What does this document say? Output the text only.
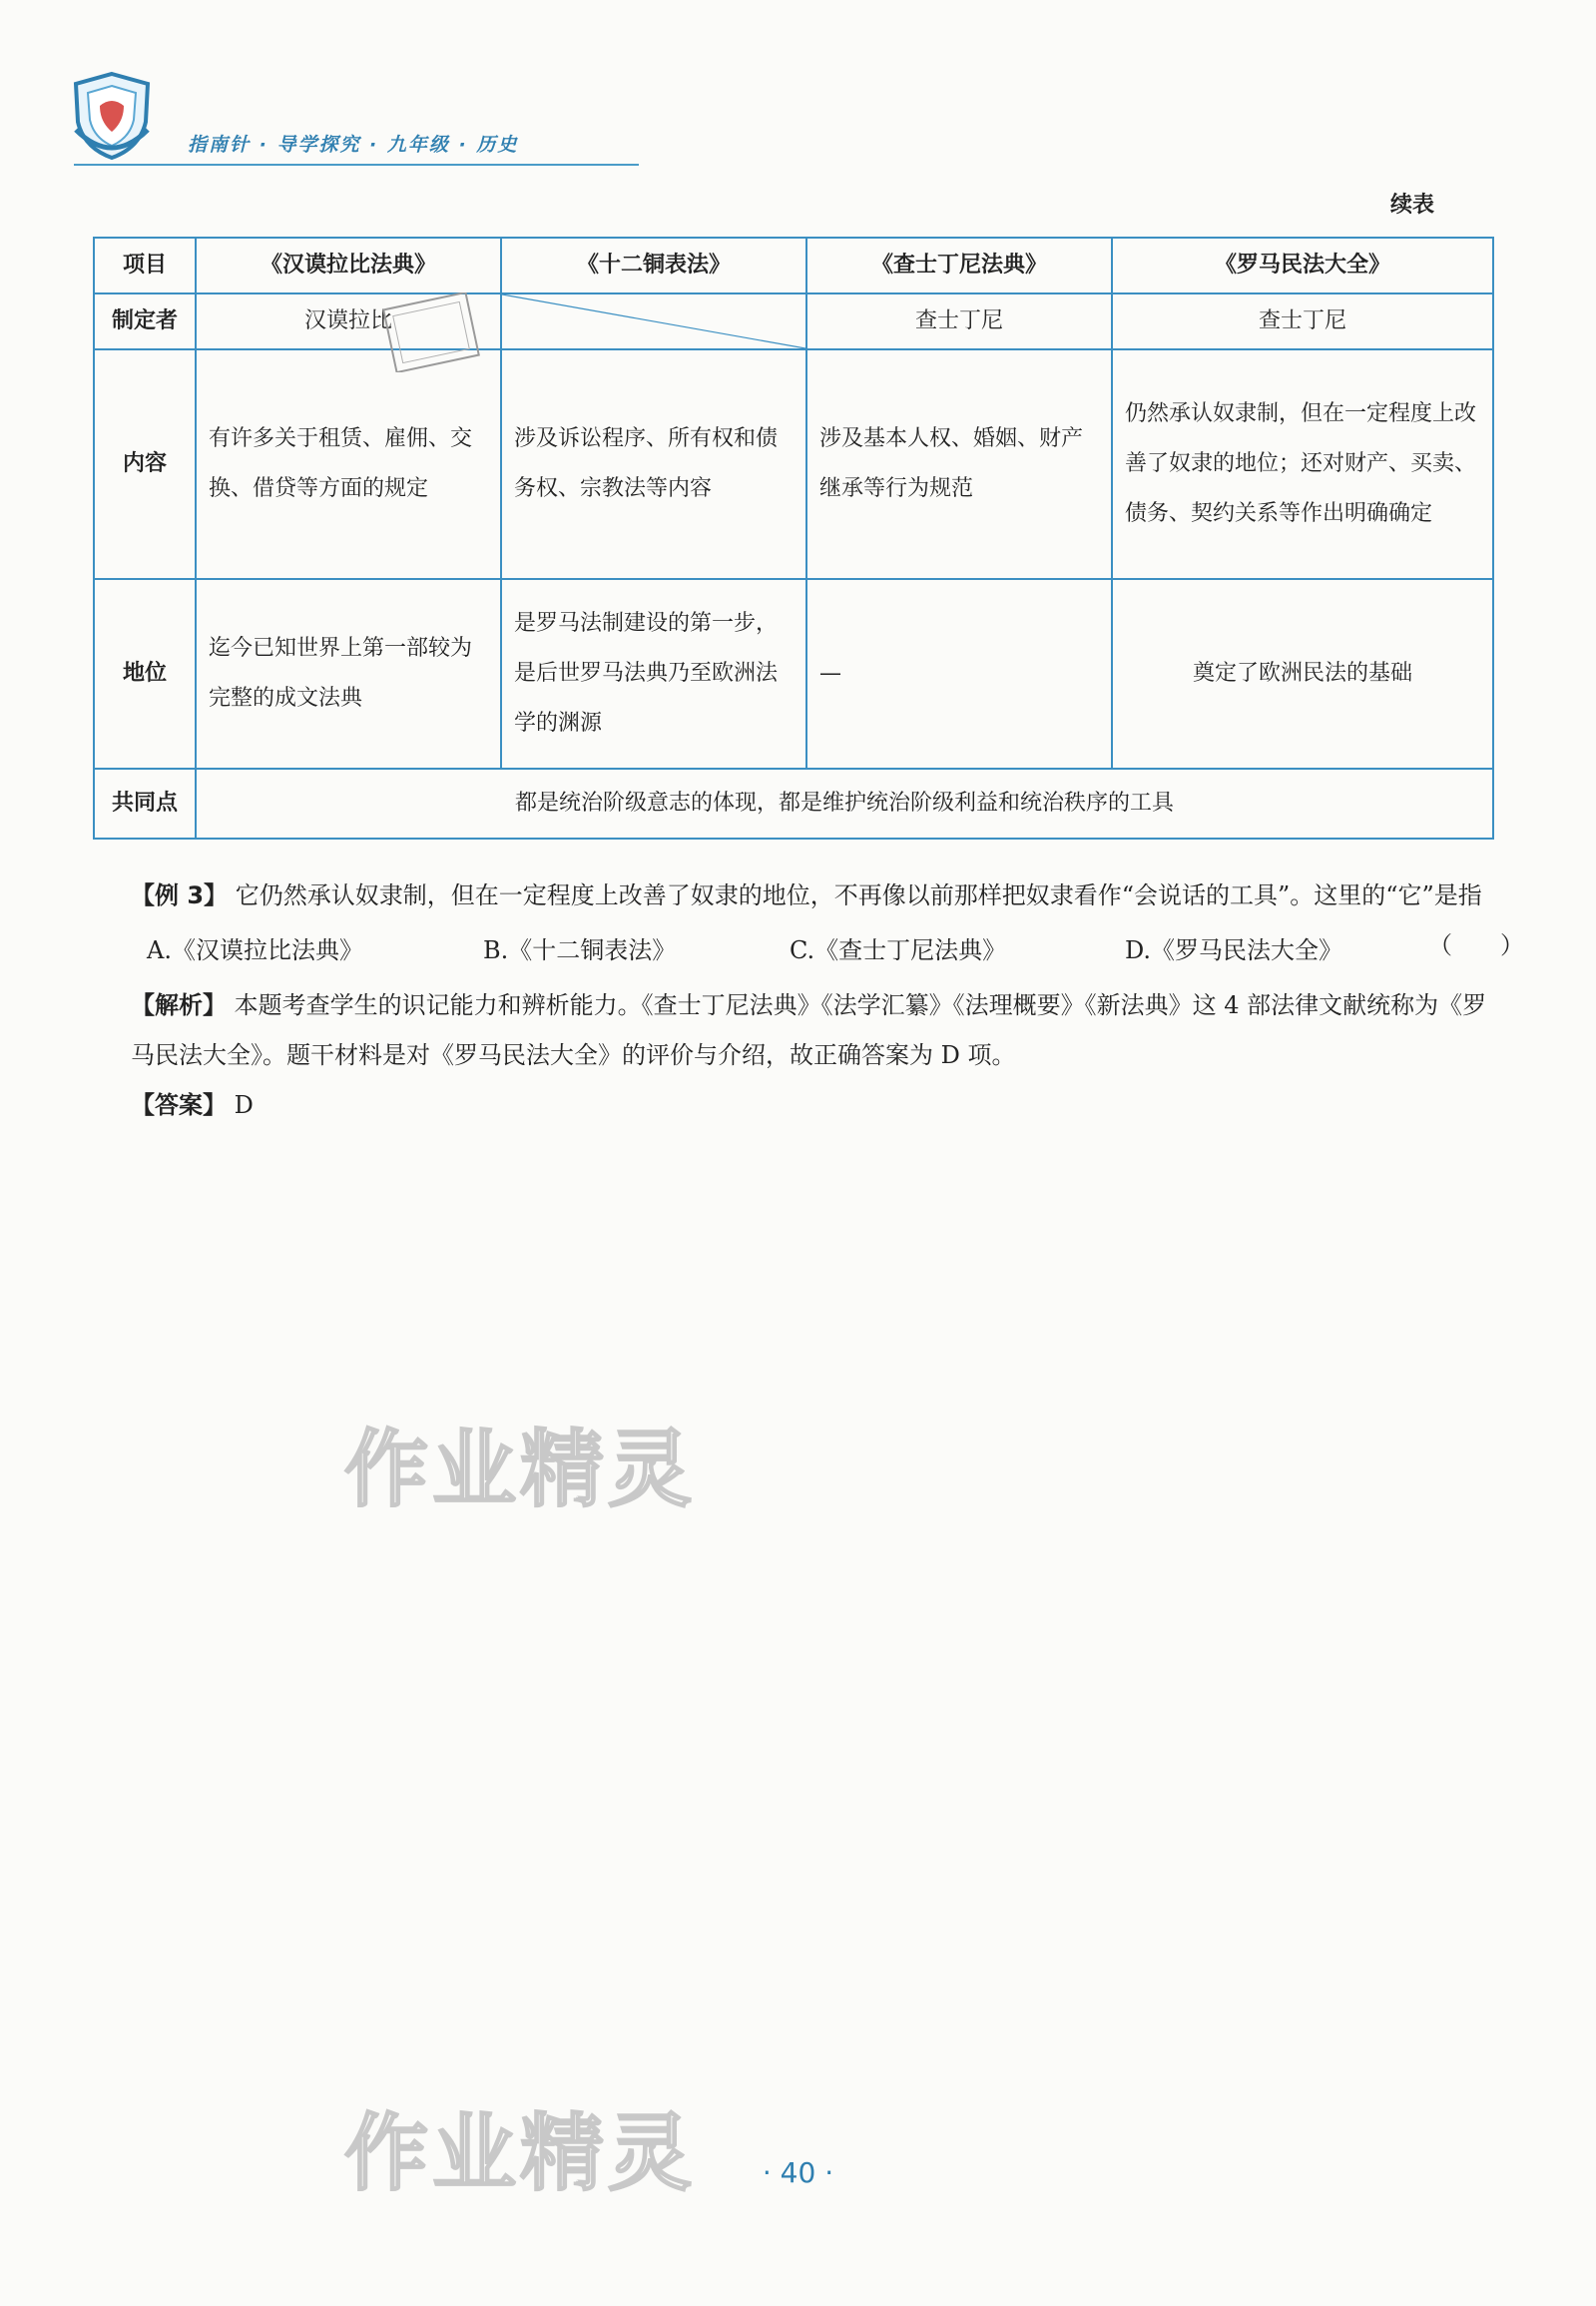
指南针 · 导学探究 · 九年级 · 历史
续表
项目	《汉谟拉比法典》	《十二铜表法》	《查士丁尼法典》	《罗马民法大全》
制定者	汉谟拉比		查士丁尼	查士丁尼
内容	有许多关于租赁、雇佣、交换、借贷等方面的规定	涉及诉讼程序、所有权和债务权、宗教法等内容	涉及基本人权、婚姻、财产继承等行为规范	仍然承认奴隶制，但在一定程度上改善了奴隶的地位；还对财产、买卖、债务、契约关系等作出明确确定
地位	迄今已知世界上第一部较为完整的成文法典	是罗马法制建设的第一步，是后世罗马法典乃至欧洲法学的渊源	—	奠定了欧洲民法的基础
共同点	都是统治阶级意志的体现，都是维护统治阶级利益和统治秩序的工具			

【例 3】 它仍然承认奴隶制，但在一定程度上改善了奴隶的地位，不再像以前那样把奴隶看作“会说话的工具”。这里的“它”是指

（　　）
A.《汉谟拉比法典》	B.《十二铜表法》	C.《查士丁尼法典》	D.《罗马民法大全》

【解析】 本题考查学生的识记能力和辨析能力。《查士丁尼法典》《法学汇纂》《法理概要》《新法典》这 4 部法律文献统称为《罗马民法大全》。题干材料是对《罗马民法大全》的评价与介绍，故正确答案为 D 项。

【答案】 D

作业精灵
作业精灵	· 40 ·
